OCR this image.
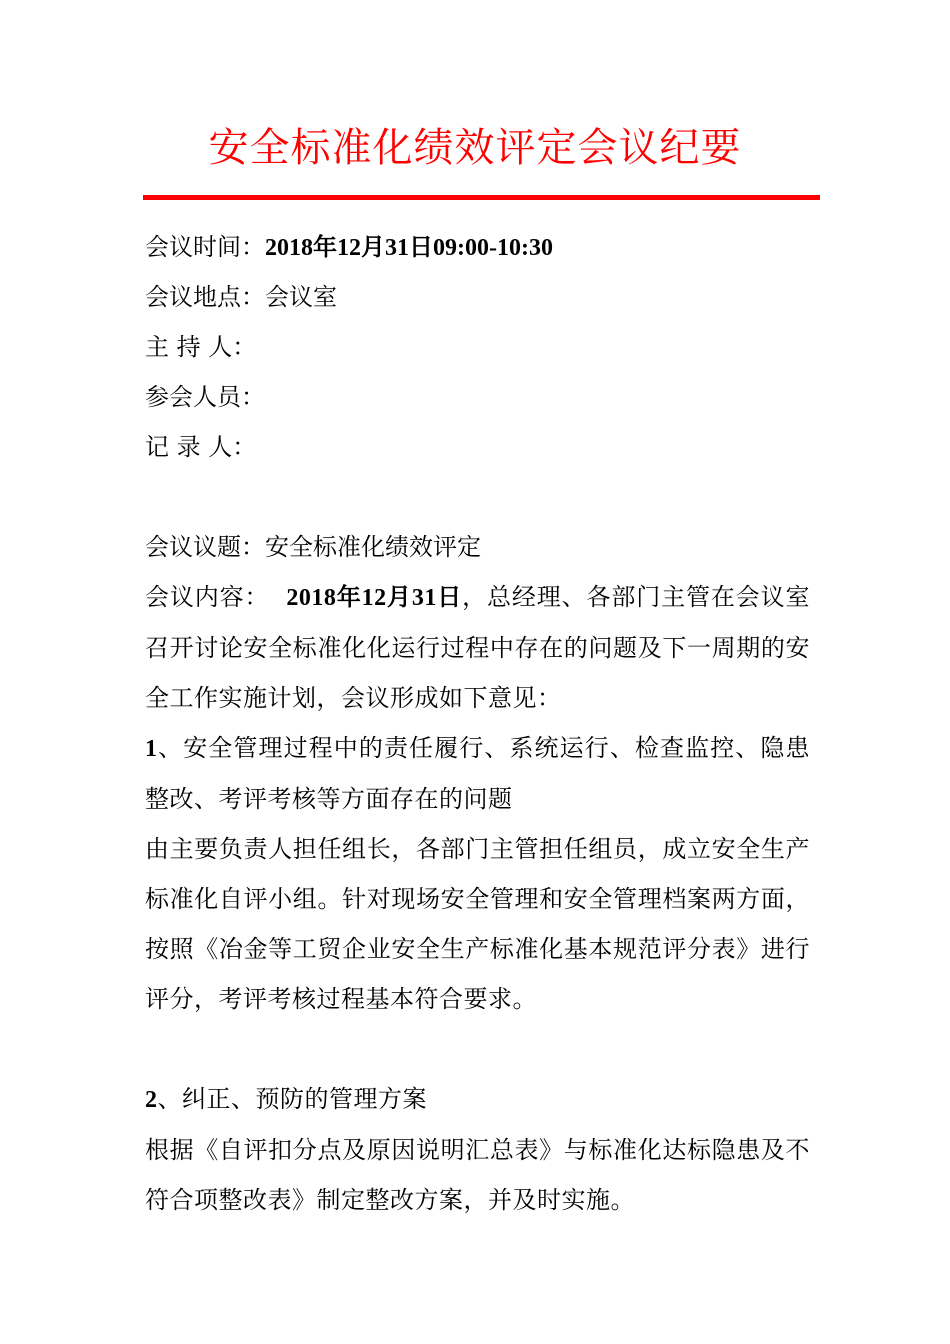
安全标准化绩效评定会议纪要
会议时间：2018年12月31日09:00-10:30
会议地点：会议室
主 持 人：
参会人员：
记 录 人：
会议议题：安全标准化绩效评定
会议内容： 2018年12月31日，总经理、各部门主管在会议室召开讨论安全标准化化运行过程中存在的问题及下一周期的安全工作实施计划，会议形成如下意见：
1、安全管理过程中的责任履行、系统运行、检查监控、隐患整改、考评考核等方面存在的问题
由主要负责人担任组长，各部门主管担任组员，成立安全生产标准化自评小组。针对现场安全管理和安全管理档案两方面，按照《冶金等工贸企业安全生产标准化基本规范评分表》进行评分，考评考核过程基本符合要求。
2、纠正、预防的管理方案
根据《自评扣分点及原因说明汇总表》与标准化达标隐患及不符合项整改表》制定整改方案，并及时实施。
